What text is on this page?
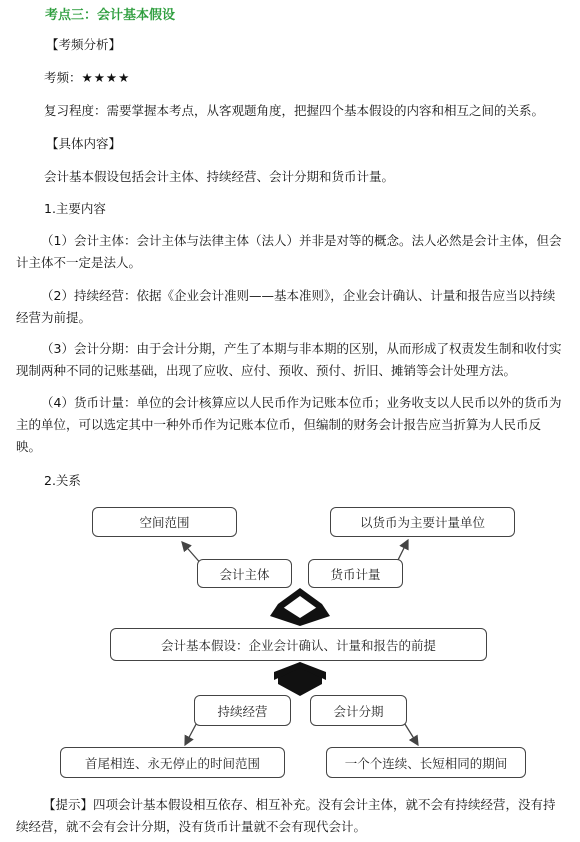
考点三：会计基本假设
【考频分析】
考频：★★★★
复习程度：需要掌握本考点，从客观题角度，把握四个基本假设的内容和相互之间的关系。
【具体内容】
会计基本假设包括会计主体、持续经营、会计分期和货币计量。
1.主要内容
（1）会计主体：会计主体与法律主体（法人）并非是对等的概念。法人必然是会计主体，但会计主体不一定是法人。
（2）持续经营：依据《企业会计准则——基本准则》，企业会计确认、计量和报告应当以持续经营为前提。
（3）会计分期：由于会计分期，产生了本期与非本期的区别，从而形成了权责发生制和收付实现制两种不同的记账基础，出现了应收、应付、预收、预付、折旧、摊销等会计处理方法。
（4）货币计量：单位的会计核算应以人民币作为记账本位币；业务收支以人民币以外的货币为主的单位，可以选定其中一种外币作为记账本位币，但编制的财务会计报告应当折算为人民币反映。
2.关系
空间范围	以货币为主要计量单位
会计主体	货币计量
会计基本假设：企业会计确认、计量和报告的前提
持续经营	会计分期
首尾相连、永无停止的时间范围	一个个连续、长短相同的期间
【提示】四项会计基本假设相互依存、相互补充。没有会计主体，就不会有持续经营，没有持续经营，就不会有会计分期，没有货币计量就不会有现代会计。
